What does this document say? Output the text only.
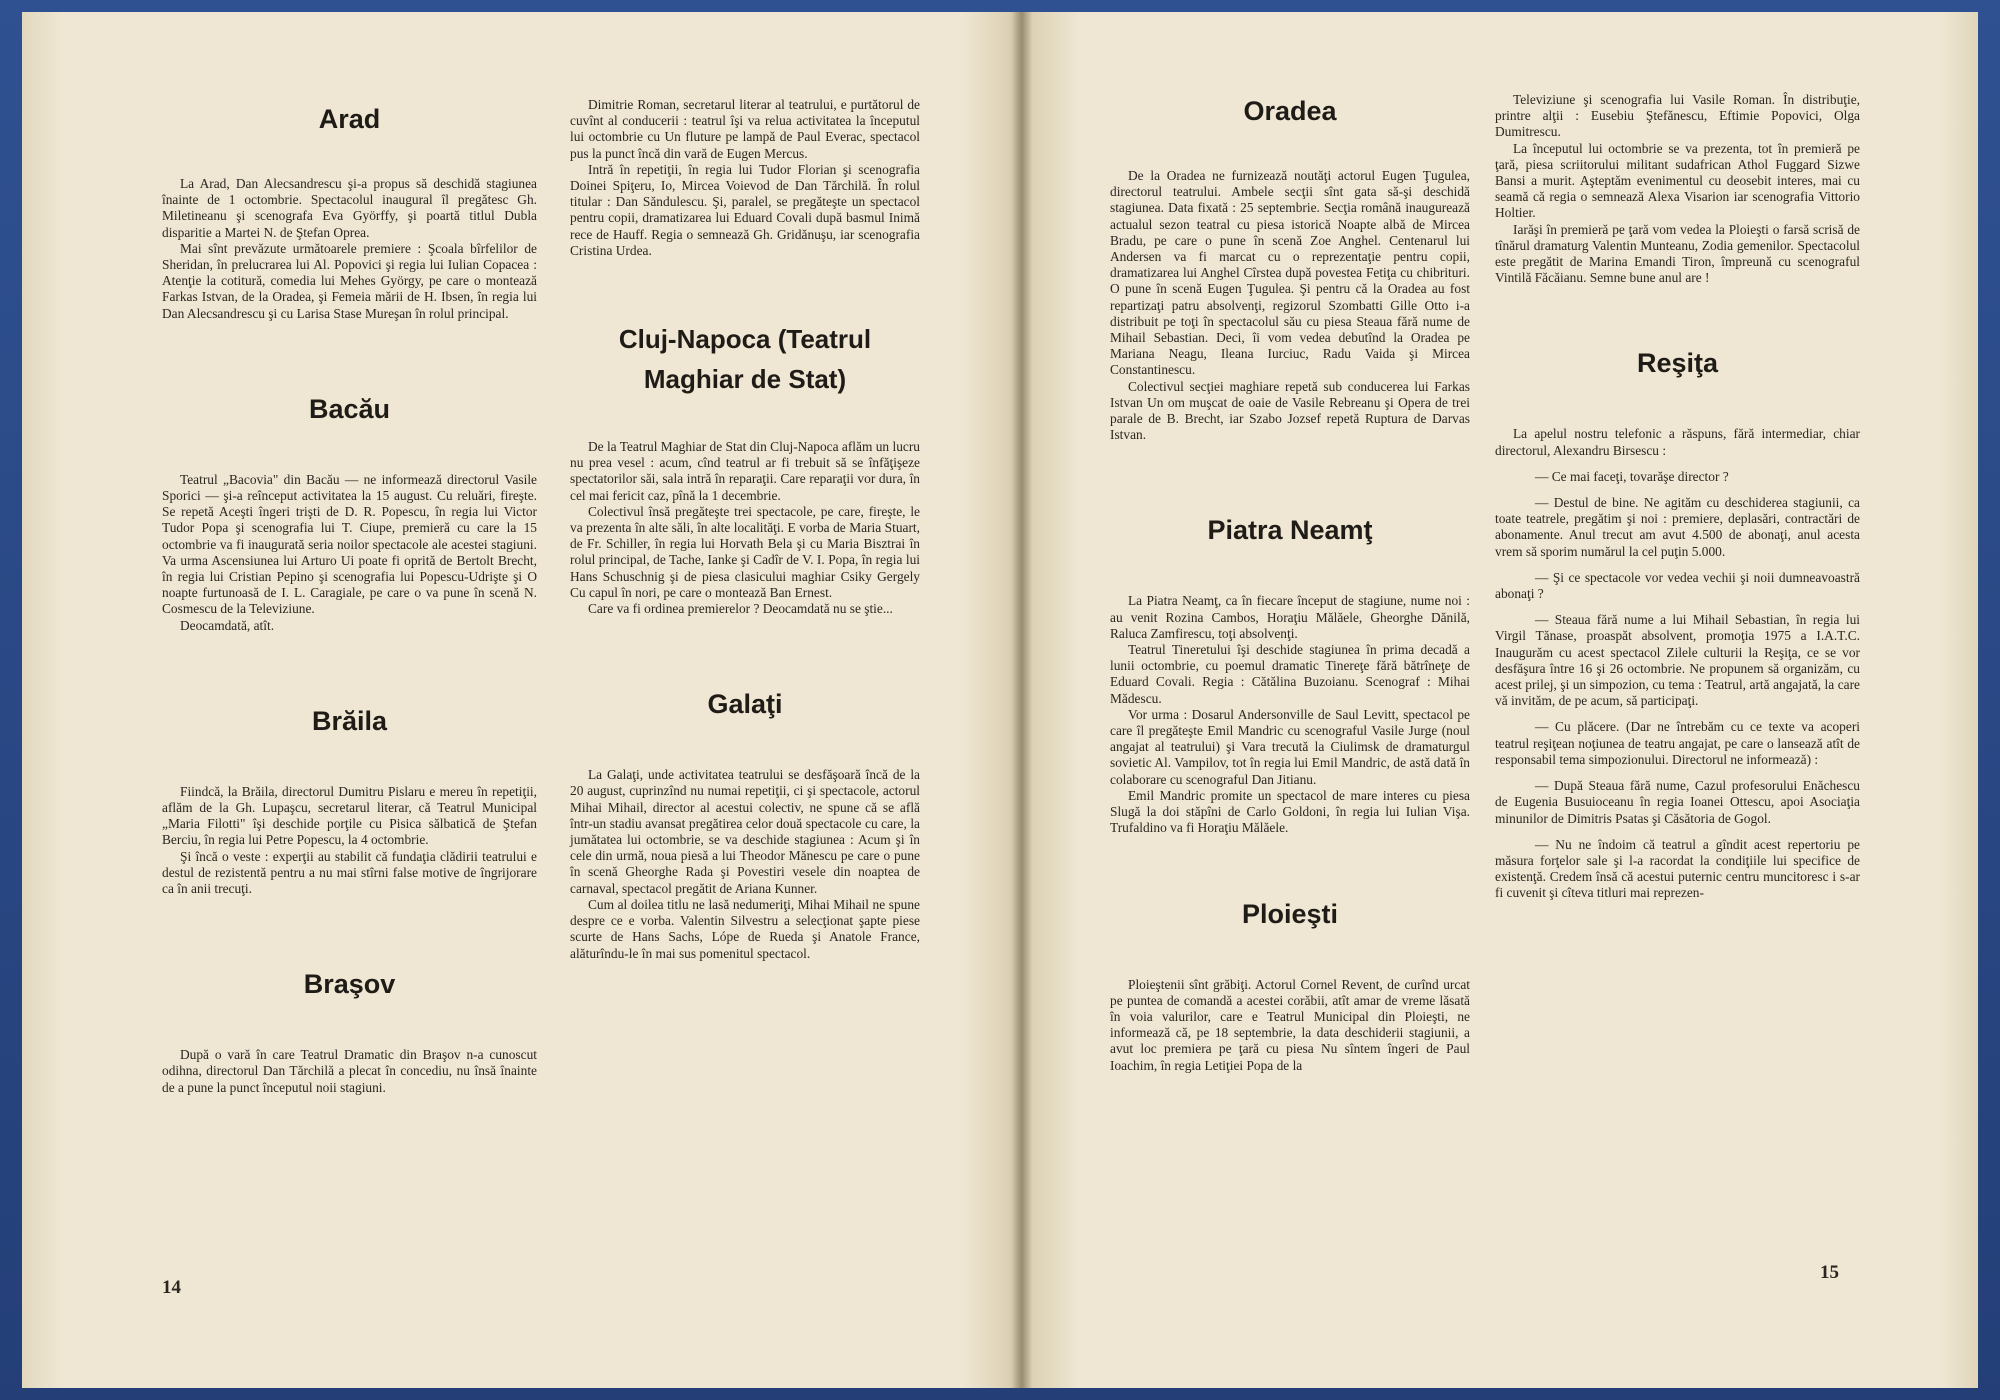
Arad

La Arad, Dan Alecsandrescu şi-a propus să deschidă stagiunea înainte de 1 octombrie. Spectacolul inaugural îl pregătesc Gh. Miletineanu şi scenografa Eva Györffy, şi poartă titlul Dubla disparitie a Martei N. de Ştefan Oprea.

Mai sînt prevăzute următoarele premiere : Şcoala bîrfelilor de Sheridan, în prelucrarea lui Al. Popovici şi regia lui Iulian Copacea : Atenţie la cotitură, comedia lui Mehes György, pe care o montează Farkas Istvan, de la Oradea, şi Femeia mării de H. Ibsen, în regia lui Dan Alecsandrescu şi cu Larisa Stase Mureşan în rolul principal.

Bacău

Teatrul „Bacovia" din Bacău — ne informează directorul Vasile Sporici — şi-a reînceput activitatea la 15 august. Cu reluări, fireşte. Se repetă Aceşti îngeri trişti de D. R. Popescu, în regia lui Victor Tudor Popa şi scenografia lui T. Ciupe, premieră cu care la 15 octombrie va fi inaugurată seria noilor spectacole ale acestei stagiuni. Va urma Ascensiunea lui Arturo Ui poate fi oprită de Bertolt Brecht, în regia lui Cristian Pepino şi scenografia lui Popescu-Udrişte şi O noapte furtunoasă de I. L. Caragiale, pe care o va pune în scenă N. Cosmescu de la Televiziune.

Deocamdată, atît.

Brăila

Fiindcă, la Brăila, directorul Dumitru Pislaru e mereu în repetiţii, aflăm de la Gh. Lupaşcu, secretarul literar, că Teatrul Municipal „Maria Filotti" îşi deschide porţile cu Pisica sălbatică de Ştefan Berciu, în regia lui Petre Popescu, la 4 octombrie.

Şi încă o veste : experţii au stabilit că fundaţia clădirii teatrului e destul de rezistentă pentru a nu mai stîrni false motive de îngrijorare ca în anii trecuţi.

Braşov

După o vară în care Teatrul Dramatic din Braşov n-a cunoscut odihna, directorul Dan Tărchilă a plecat în concediu, nu însă înainte de a pune la punct începutul noii stagiuni.

Dimitrie Roman, secretarul literar al teatrului, e purtătorul de cuvînt al conducerii : teatrul îşi va relua activitatea la începutul lui octombrie cu Un fluture pe lampă de Paul Everac, spectacol pus la punct încă din vară de Eugen Mercus.

Intră în repetiţii, în regia lui Tudor Florian şi scenografia Doinei Spiţeru, Io, Mircea Voievod de Dan Tărchilă. În rolul titular : Dan Săndulescu. Şi, paralel, se pregăteşte un spectacol pentru copii, dramatizarea lui Eduard Covali după basmul Inimă rece de Hauff. Regia o semnează Gh. Gridănuşu, iar scenografia Cristina Urdea.

Cluj-Napoca (Teatrul Maghiar de Stat)

De la Teatrul Maghiar de Stat din Cluj-Napoca aflăm un lucru nu prea vesel : acum, cînd teatrul ar fi trebuit să se înfăţişeze spectatorilor săi, sala intră în reparaţii. Care reparaţii vor dura, în cel mai fericit caz, pînă la 1 decembrie.

Colectivul însă pregăteşte trei spectacole, pe care, fireşte, le va prezenta în alte săli, în alte localităţi. E vorba de Maria Stuart, de Fr. Schiller, în regia lui Horvath Bela şi cu Maria Bisztrai în rolul principal, de Tache, Ianke şi Cadîr de V. I. Popa, în regia lui Hans Schuschnig şi de piesa clasicului maghiar Csiky Gergely Cu capul în nori, pe care o montează Ban Ernest.

Care va fi ordinea premierelor ? Deocamdată nu se ştie...

Galaţi

La Galaţi, unde activitatea teatrului se desfăşoară încă de la 20 august, cuprinzînd nu numai repetiţii, ci şi spectacole, actorul Mihai Mihail, director al acestui colectiv, ne spune că se află într-un stadiu avansat pregătirea celor două spectacole cu care, la jumătatea lui octombrie, se va deschide stagiunea : Acum şi în cele din urmă, noua piesă a lui Theodor Mănescu pe care o pune în scenă Gheorghe Rada şi Povestiri vesele din noaptea de carnaval, spectacol pregătit de Ariana Kunner.

Cum al doilea titlu ne lasă nedumeriţi, Mihai Mihail ne spune despre ce e vorba. Valentin Silvestru a selecţionat şapte piese scurte de Hans Sachs, Lópe de Rueda şi Anatole France, alăturîndu-le în mai sus pomenitul spectacol.

14
Oradea

De la Oradea ne furnizează noutăţi actorul Eugen Ţugulea, directorul teatrului. Ambele secţii sînt gata să-şi deschidă stagiunea. Data fixată : 25 septembrie. Secţia română inaugurează actualul sezon teatral cu piesa istorică Noapte albă de Mircea Bradu, pe care o pune în scenă Zoe Anghel. Centenarul lui Andersen va fi marcat cu o reprezentaţie pentru copii, dramatizarea lui Anghel Cîrstea după povestea Fetiţa cu chibrituri. O pune în scenă Eugen Ţugulea. Şi pentru că la Oradea au fost repartizaţi patru absolvenţi, regizorul Szombatti Gille Otto i-a distribuit pe toţi în spectacolul său cu piesa Steaua fără nume de Mihail Sebastian. Deci, îi vom vedea debutînd la Oradea pe Mariana Neagu, Ileana Iurciuc, Radu Vaida şi Mircea Constantinescu.

Colectivul secţiei maghiare repetă sub conducerea lui Farkas Istvan Un om muşcat de oaie de Vasile Rebreanu şi Opera de trei parale de B. Brecht, iar Szabo Jozsef repetă Ruptura de Darvas Istvan.

Piatra Neamţ

La Piatra Neamţ, ca în fiecare început de stagiune, nume noi : au venit Rozina Cambos, Horaţiu Mălăele, Gheorghe Dănilă, Raluca Zamfirescu, toţi absolvenţi.

Teatrul Tineretului îşi deschide stagiunea în prima decadă a lunii octombrie, cu poemul dramatic Tinereţe fără bătrîneţe de Eduard Covali. Regia : Cătălina Buzoianu. Scenograf : Mihai Mădescu.

Vor urma : Dosarul Andersonville de Saul Levitt, spectacol pe care îl pregăteşte Emil Mandric cu scenograful Vasile Jurge (noul angajat al teatrului) şi Vara trecută la Ciulimsk de dramaturgul sovietic Al. Vampilov, tot în regia lui Emil Mandric, de astă dată în colaborare cu scenograful Dan Jitianu.

Emil Mandric promite un spectacol de mare interes cu piesa Slugă la doi stăpîni de Carlo Goldoni, în regia lui Iulian Vişa. Trufaldino va fi Horaţiu Mălăele.

Ploieşti

Ploieştenii sînt grăbiţi. Actorul Cornel Revent, de curînd urcat pe puntea de comandă a acestei corăbii, atît amar de vreme lăsată în voia valurilor, care e Teatrul Municipal din Ploieşti, ne informează că, pe 18 septembrie, la data deschiderii stagiunii, a avut loc premiera pe ţară cu piesa Nu sîntem îngeri de Paul Ioachim, în regia Letiţiei Popa de la

Televiziune şi scenografia lui Vasile Roman. În distribuţie, printre alţii : Eusebiu Ştefănescu, Eftimie Popovici, Olga Dumitrescu.

La începutul lui octombrie se va prezenta, tot în premieră pe ţară, piesa scriitorului militant sudafrican Athol Fuggard Sizwe Bansi a murit. Aşteptăm evenimentul cu deosebit interes, mai cu seamă că regia o semnează Alexa Visarion iar scenografia Vittorio Holtier.

Iarăşi în premieră pe ţară vom vedea la Ploieşti o farsă scrisă de tînărul dramaturg Valentin Munteanu, Zodia gemenilor. Spectacolul este pregătit de Marina Emandi Tiron, împreună cu scenograful Vintilă Făcăianu. Semne bune anul are !

Reşiţa

La apelul nostru telefonic a răspuns, fără intermediar, chiar directorul, Alexandru Birsescu :

— Ce mai faceţi, tovarăşe director ?

— Destul de bine. Ne agităm cu deschiderea stagiunii, ca toate teatrele, pregătim şi noi : premiere, deplasări, contractări de abonamente. Anul trecut am avut 4.500 de abonaţi, anul acesta vrem să sporim numărul la cel puţin 5.000.

— Şi ce spectacole vor vedea vechii şi noii dumneavoastră abonaţi ?

— Steaua fără nume a lui Mihail Sebastian, în regia lui Virgil Tănase, proaspăt absolvent, promoţia 1975 a I.A.T.C. Inaugurăm cu acest spectacol Zilele culturii la Reşiţa, ce se vor desfăşura între 16 şi 26 octombrie. Ne propunem să organizăm, cu acest prilej, şi un simpozion, cu tema : Teatrul, artă angajată, la care vă invităm, de pe acum, să participaţi.

— Cu plăcere. (Dar ne întrebăm cu ce texte va acoperi teatrul reşiţean noţiunea de teatru angajat, pe care o lansează atît de responsabil tema simpozionului. Directorul ne informează) :

— După Steaua fără nume, Cazul profesorului Enăchescu de Eugenia Busuioceanu în regia Ioanei Ottescu, apoi Asociaţia minunilor de Dimitris Psatas şi Căsătoria de Gogol.

— Nu ne îndoim că teatrul a gîndit acest repertoriu pe măsura forţelor sale şi l-a racordat la condiţiile lui specifice de existenţă. Credem însă că acestui puternic centru muncitoresc i s-ar fi cuvenit şi cîteva titluri mai reprezen-

15
